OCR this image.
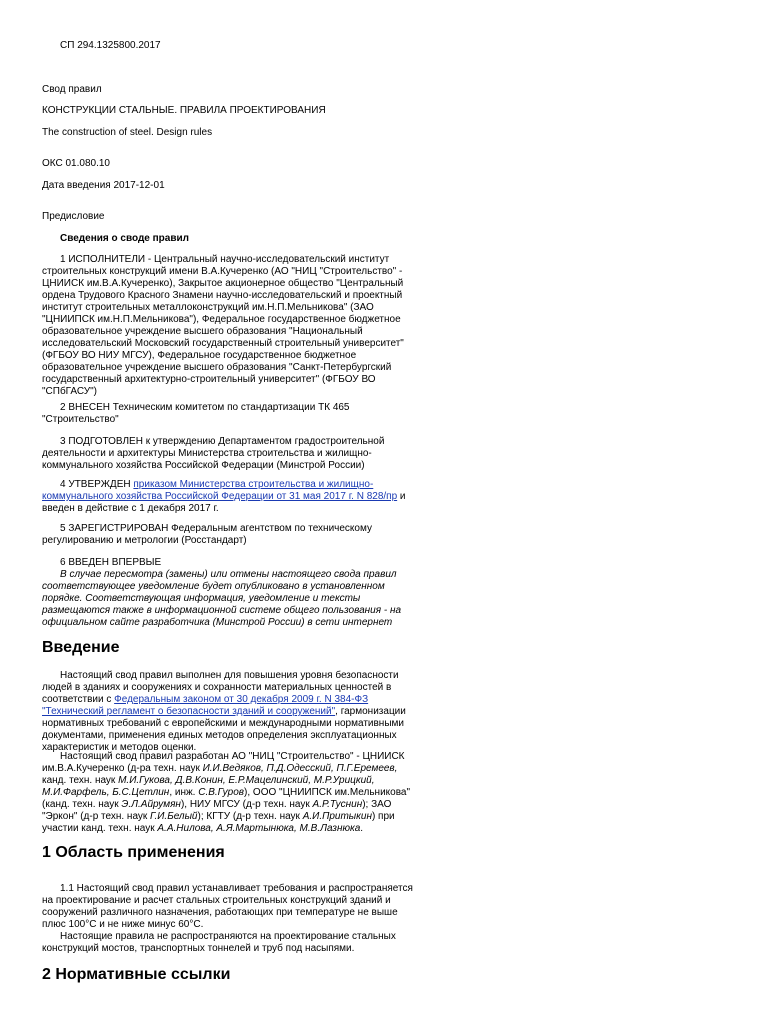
СП 294.1325800.2017
Свод правил
КОНСТРУКЦИИ СТАЛЬНЫЕ. ПРАВИЛА ПРОЕКТИРОВАНИЯ
The construction of steel. Design rules
ОКС 01.080.10
Дата введения 2017-12-01
Предисловие
Сведения о своде правил
1 ИСПОЛНИТЕЛИ - Центральный научно-исследовательский институт
строительных конструкций имени В.А.Кучеренко (АО "НИЦ "Строительство" -
ЦНИИСК им.В.А.Кучеренко), Закрытое акционерное общество "Центральный
ордена Трудового Красного Знамени научно-исследовательский и проектный
институт строительных металлоконструкций им.Н.П.Мельникова" (ЗАО
"ЦНИИПСК им.Н.П.Мельникова"), Федеральное государственное бюджетное
образовательное учреждение высшего образования "Национальный
исследовательский Московский государственный строительный университет"
(ФГБОУ ВО НИУ МГСУ), Федеральное государственное бюджетное
образовательное учреждение высшего образования "Санкт-Петербургский
государственный архитектурно-строительный университет" (ФГБОУ ВО
"СПбГАСУ")
2 ВНЕСЕН Техническим комитетом по стандартизации ТК 465
"Строительство"
3 ПОДГОТОВЛЕН к утверждению Департаментом градостроительной
деятельности и архитектуры Министерства строительства и жилищно-
коммунального хозяйства Российской Федерации (Минстрой России)
4 УТВЕРЖДЕН приказом Министерства строительства и жилищно-
коммунального хозяйства Российской Федерации от 31 мая 2017 г. N 828/пр и
введен в действие с 1 декабря 2017 г.
5 ЗАРЕГИСТРИРОВАН Федеральным агентством по техническому
регулированию и метрологии (Росстандарт)
6 ВВЕДЕН ВПЕРВЫЕ
В случае пересмотра (замены) или отмены настоящего свода правил
соответствующее уведомление будет опубликовано в установленном
порядке. Соответствующая информация, уведомление и тексты
размещаются также в информационной системе общего пользования - на
официальном сайте разработчика (Минстрой России) в сети интернет
Введение
Настоящий свод правил выполнен для повышения уровня безопасности
людей в зданиях и сооружениях и сохранности материальных ценностей в
соответствии с Федеральным законом от 30 декабря 2009 г. N 384-ФЗ
"Технический регламент о безопасности зданий и сооружений", гармонизации
нормативных требований с европейскими и международными нормативными
документами, применения единых методов определения эксплуатационных
характеристик и методов оценки.
Настоящий свод правил разработан АО "НИЦ "Строительство" - ЦНИИСК
им.В.А.Кучеренко (д-ра техн. наук И.И.Ведяков, П.Д.Одесский, П.Г.Еремеев,
канд. техн. наук М.И.Гукова, Д.В.Конин, Е.Р.Мацелинский, М.Р.Урицкий,
М.И.Фарфель, Б.С.Цетлин, инж. С.В.Гуров), ООО "ЦНИИПСК им.Мельникова"
(канд. техн. наук Э.Л.Айрумян), НИУ МГСУ (д-р техн. наук А.Р.Туснин); ЗАО
"Эркон" (д-р техн. наук Г.И.Белый); КГТУ (д-р техн. наук А.И.Притыкин) при
участии канд. техн. наук А.А.Нилова, А.Я.Мартынюка, М.В.Лазнюка.
1 Область применения
1.1 Настоящий свод правил устанавливает требования и распространяется
на проектирование и расчет стальных строительных конструкций зданий и
сооружений различного назначения, работающих при температуре не выше
плюс 100°С и не ниже минус 60°С.
Настоящие правила не распространяются на проектирование стальных
конструкций мостов, транспортных тоннелей и труб под насыпями.
2 Нормативные ссылки
